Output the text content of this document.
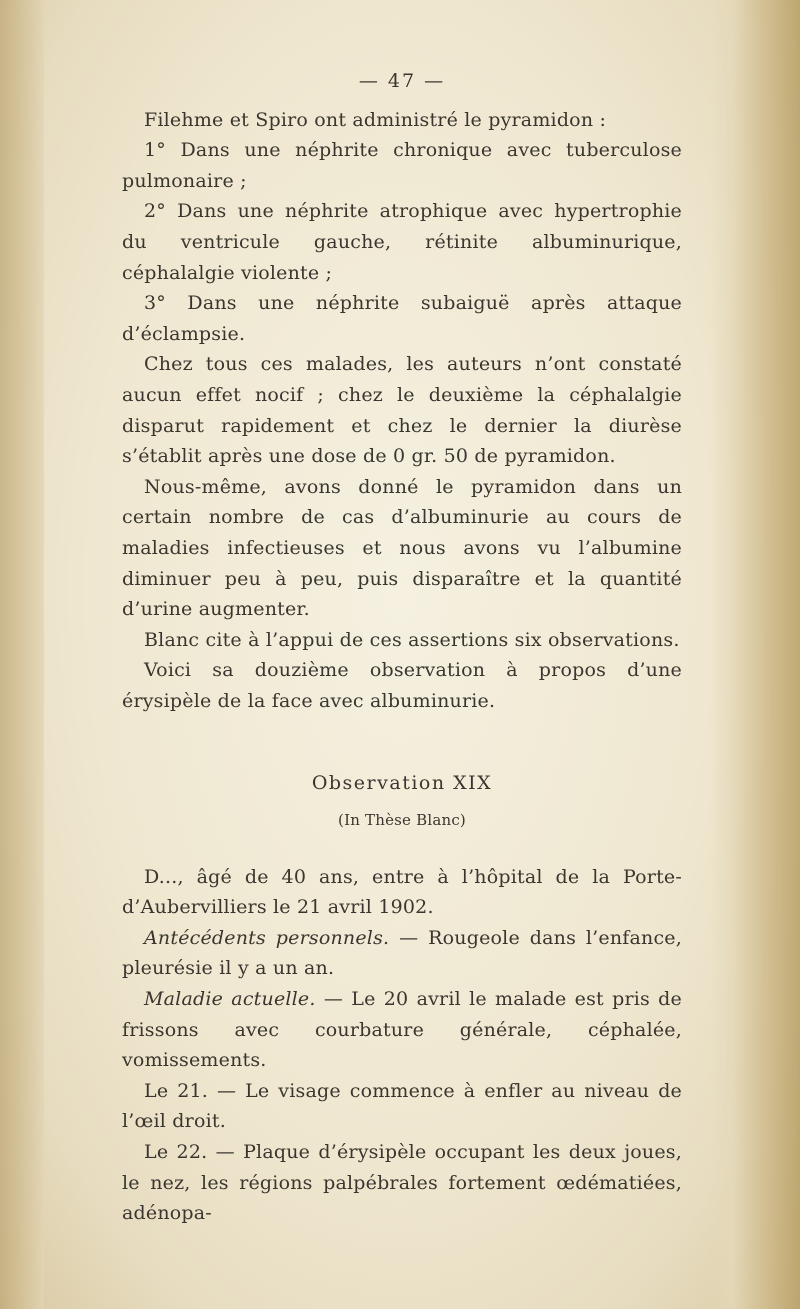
— 47 —

Filehme et Spiro ont administré le pyramidon :

1° Dans une néphrite chronique avec tuberculose pulmonaire ;

2° Dans une néphrite atrophique avec hypertrophie du ventricule gauche, rétinite albuminurique, céphalalgie violente ;

3° Dans une néphrite subaiguë après attaque d’éclampsie.

Chez tous ces malades, les auteurs n’ont constaté aucun effet nocif ; chez le deuxième la céphalalgie disparut rapidement et chez le dernier la diurèse s’établit après une dose de 0 gr. 50 de pyramidon.

Nous-même, avons donné le pyramidon dans un certain nombre de cas d’albuminurie au cours de maladies infectieuses et nous avons vu l’albumine diminuer peu à peu, puis disparaître et la quantité d’urine augmenter.

Blanc cite à l’appui de ces assertions six observations.

Voici sa douzième observation à propos d’une érysipèle de la face avec albuminurie.

Observation XIX
(In Thèse Blanc)

D..., âgé de 40 ans, entre à l’hôpital de la Porte-d’Aubervilliers le 21 avril 1902.

Antécédents personnels. — Rougeole dans l’enfance, pleurésie il y a un an.

Maladie actuelle. — Le 20 avril le malade est pris de frissons avec courbature générale, céphalée, vomissements.

Le 21. — Le visage commence à enfler au niveau de l’œil droit.

Le 22. — Plaque d’érysipèle occupant les deux joues, le nez, les régions palpébrales fortement œdématiées, adénopa-
